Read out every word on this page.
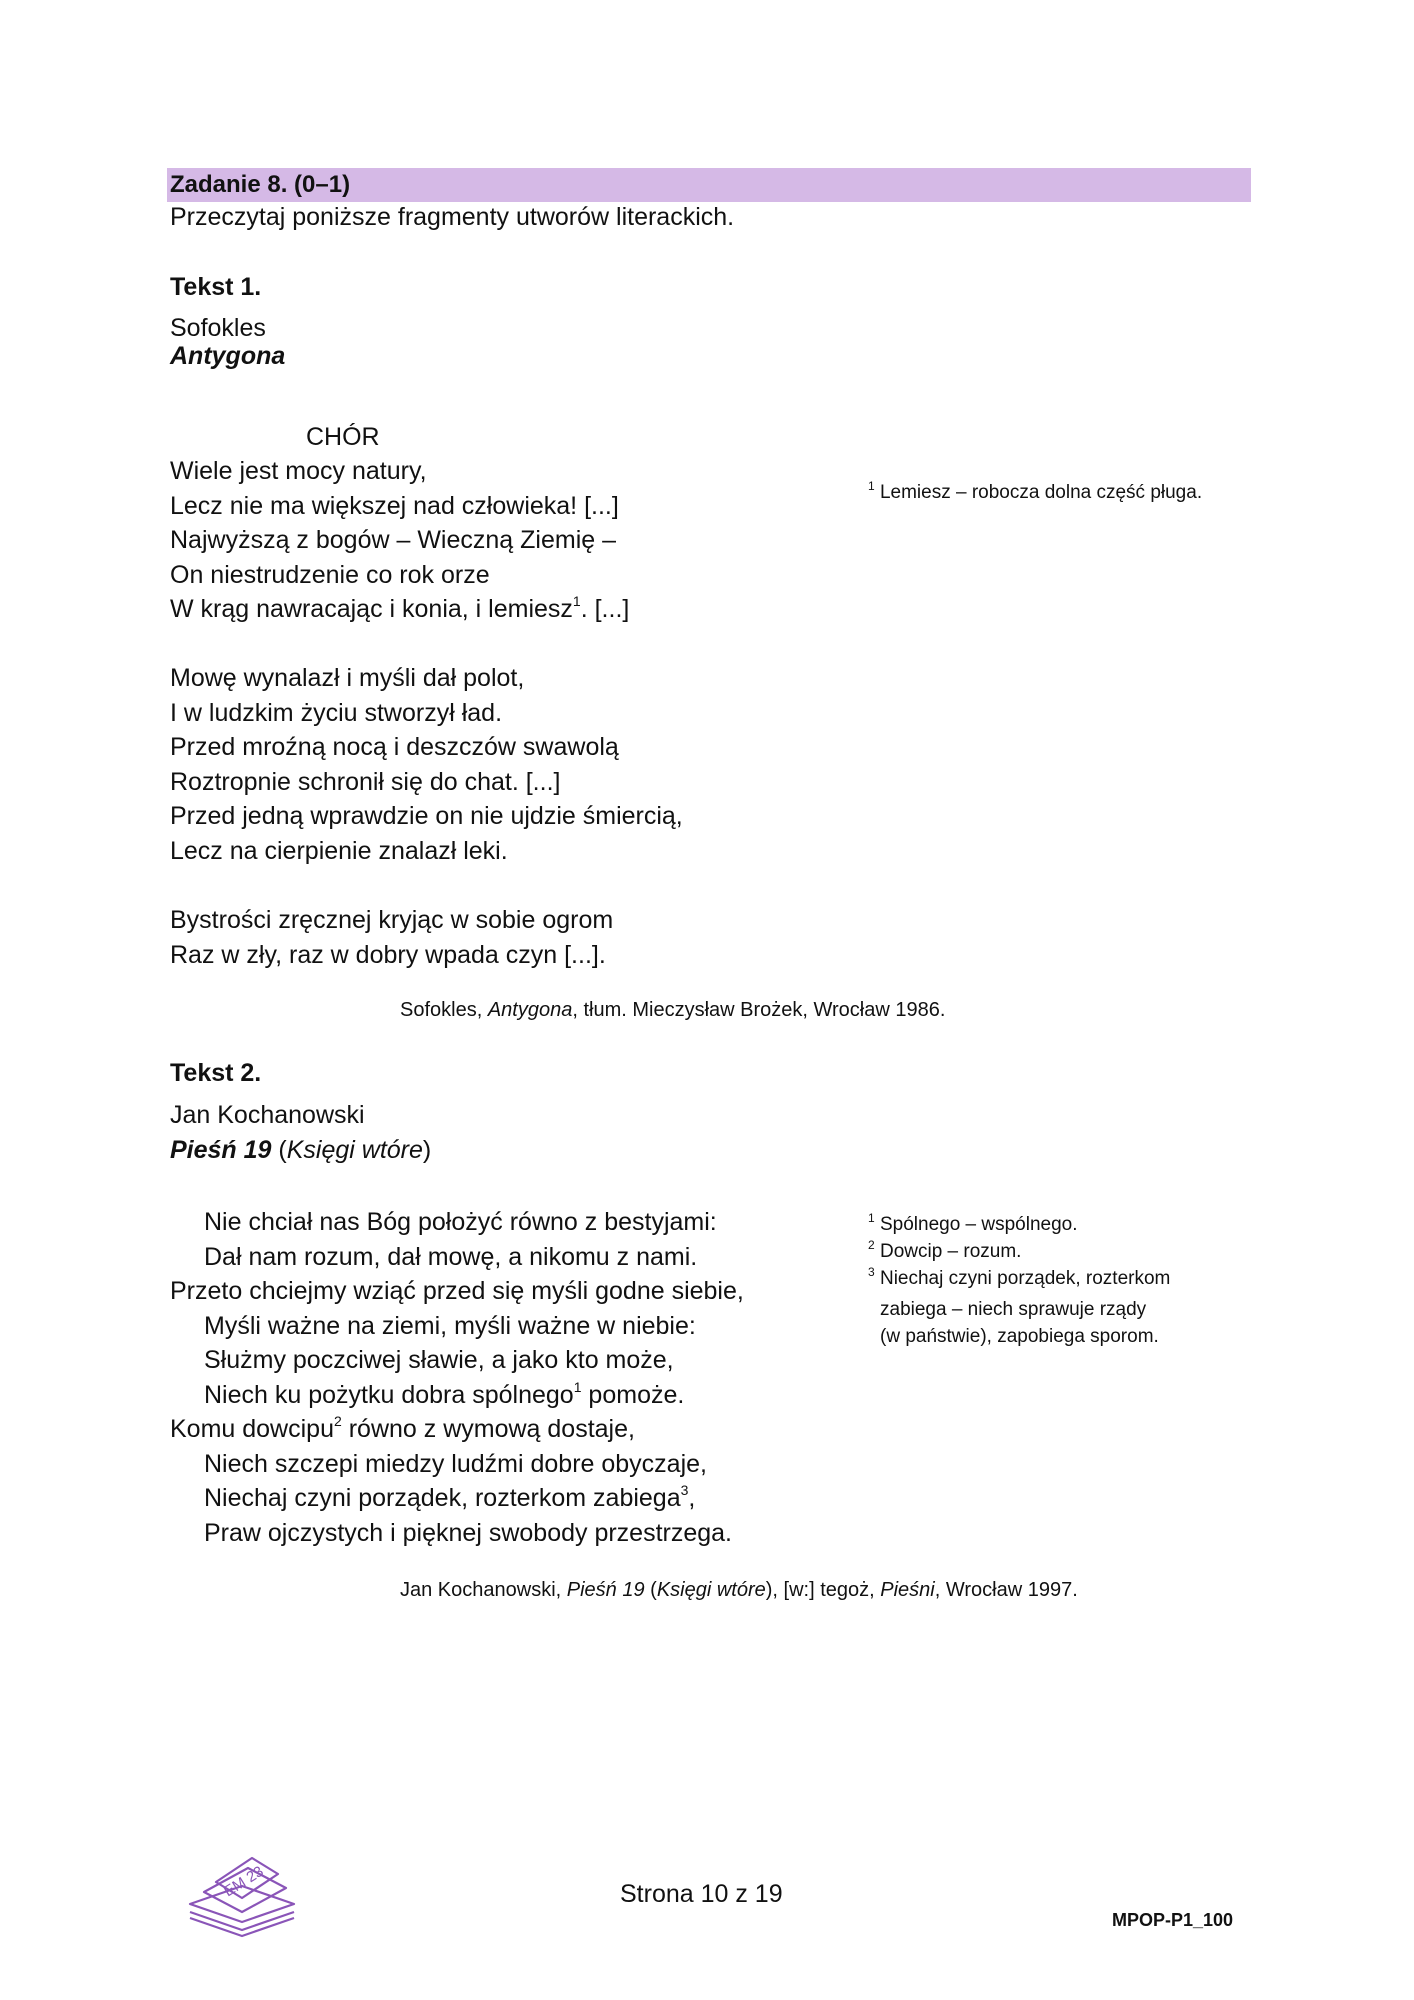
Zadanie 8. (0–1)
Przeczytaj poniższe fragmenty utworów literackich.
Tekst 1.
Sofokles
Antygona
CHÓR
Wiele jest mocy natury,
Lecz nie ma większej nad człowieka! [...]
Najwyższą z bogów – Wieczną Ziemię –
On niestrudzenie co rok orze
W krąg nawracając i konia, i lemiesz$^1$. [...]
Mowę wynalazł i myśli dał polot,
I w ludzkim życiu stworzył ład.
Przed mroźną nocą i deszczów swawolą
Roztropnie schronił się do chat. [...]
Przed jedną wprawdzie on nie ujdzie śmiercią,
Lecz na cierpienie znalazł leki.
Bystrości zręcznej kryjąc w sobie ogrom
Raz w zły, raz w dobry wpada czyn [...].
$^1$ Lemiesz – robocza dolna część pługa.
Sofokles, Antygona, tłum. Mieczysław Brożek, Wrocław 1986.
Tekst 2.
Jan Kochanowski
Pieśń 19 (Księgi wtóre)
Nie chciał nas Bóg położyć równo z bestyjami:
Dał nam rozum, dał mowę, a nikomu z nami.
Przeto chciejmy wziąć przed się myśli godne siebie,
Myśli ważne na ziemi, myśli ważne w niebie:
Służmy poczciwej sławie, a jako kto może,
Niech ku pożytku dobra spólnego$^1$ pomoże.
Komu dowcipu$^2$ równo z wymową dostaje,
Niech szczepi miedzy ludźmi dobre obyczaje,
Niechaj czyni porządek, rozterkom zabiega$^3$,
Praw ojczystych i pięknej swobody przestrzega.
$^1$ Spólnego – wspólnego.
$^2$ Dowcip – rozum.
$^3$ Niechaj czyni porządek, rozterkom
zabiega – niech sprawuje rządy
(w państwie), zapobiega sporom.
Jan Kochanowski, Pieśń 19 (Księgi wtóre), [w:] tegoż, Pieśni, Wrocław 1997.
EM 23	Strona 10 z 19
MPOP-P1_100
